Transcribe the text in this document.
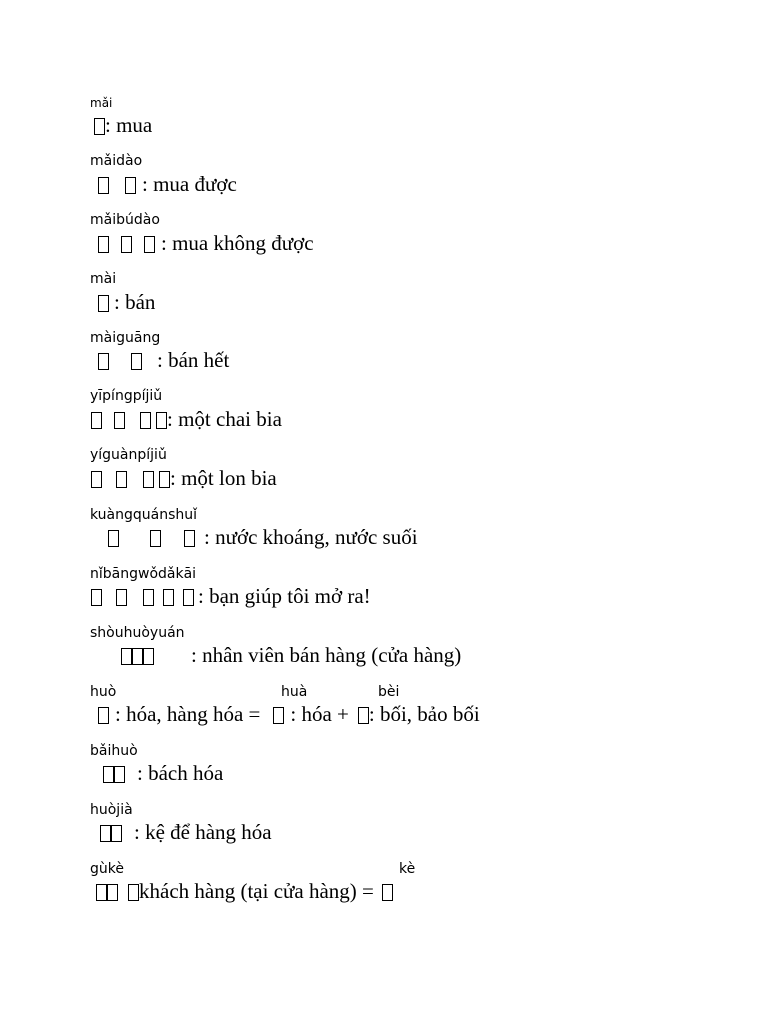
mǎi
: mua
mǎidào
: mua được
mǎibúdào
: mua không được
mài
: bán
màiguāng
: bán hết
yīpíngpíjiǔ
: một chai bia
yíguànpíjiǔ
: một lon bia
kuàngquánshuǐ
: nước khoáng, nước suối
nǐbāngwǒdǎkāi
: bạn giúp tôi mở ra!
shòuhuòyuán
: nhân viên bán hàng (cửa hàng)
huò	huà	bèi
: hóa, hàng hóa = : hóa + : bối, bảo bối
bǎihuò
: bách hóa
huòjià
: kệ để hàng hóa
gùkè	kè
khách hàng (tại cửa hàng) =
